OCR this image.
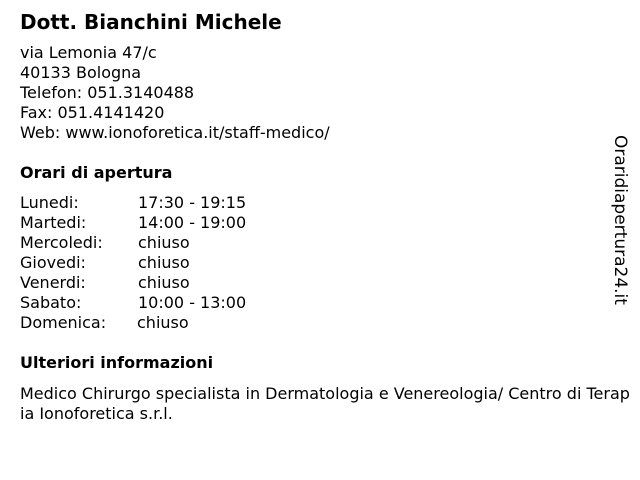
Dott. Bianchini Michele
via Lemonia 47/c
40133 Bologna
Telefon: 051.3140488
Fax: 051.4141420
Web: www.ionoforetica.it/staff-medico/
Orari di apertura
Lunedi:	17:30 - 19:15
Martedi:	14:00 - 19:00
Mercoledi: chiuso
Giovedi:	chiuso
Venerdi:	chiuso
Sabato:	10:00 - 13:00
Domenica: chiuso
Ulteriori informazioni
Medico Chirurgo specialista in Dermatologia e Venereologia/ Centro di Terapia Ionoforetica s.r.l.
Oraridiapertura24.it
